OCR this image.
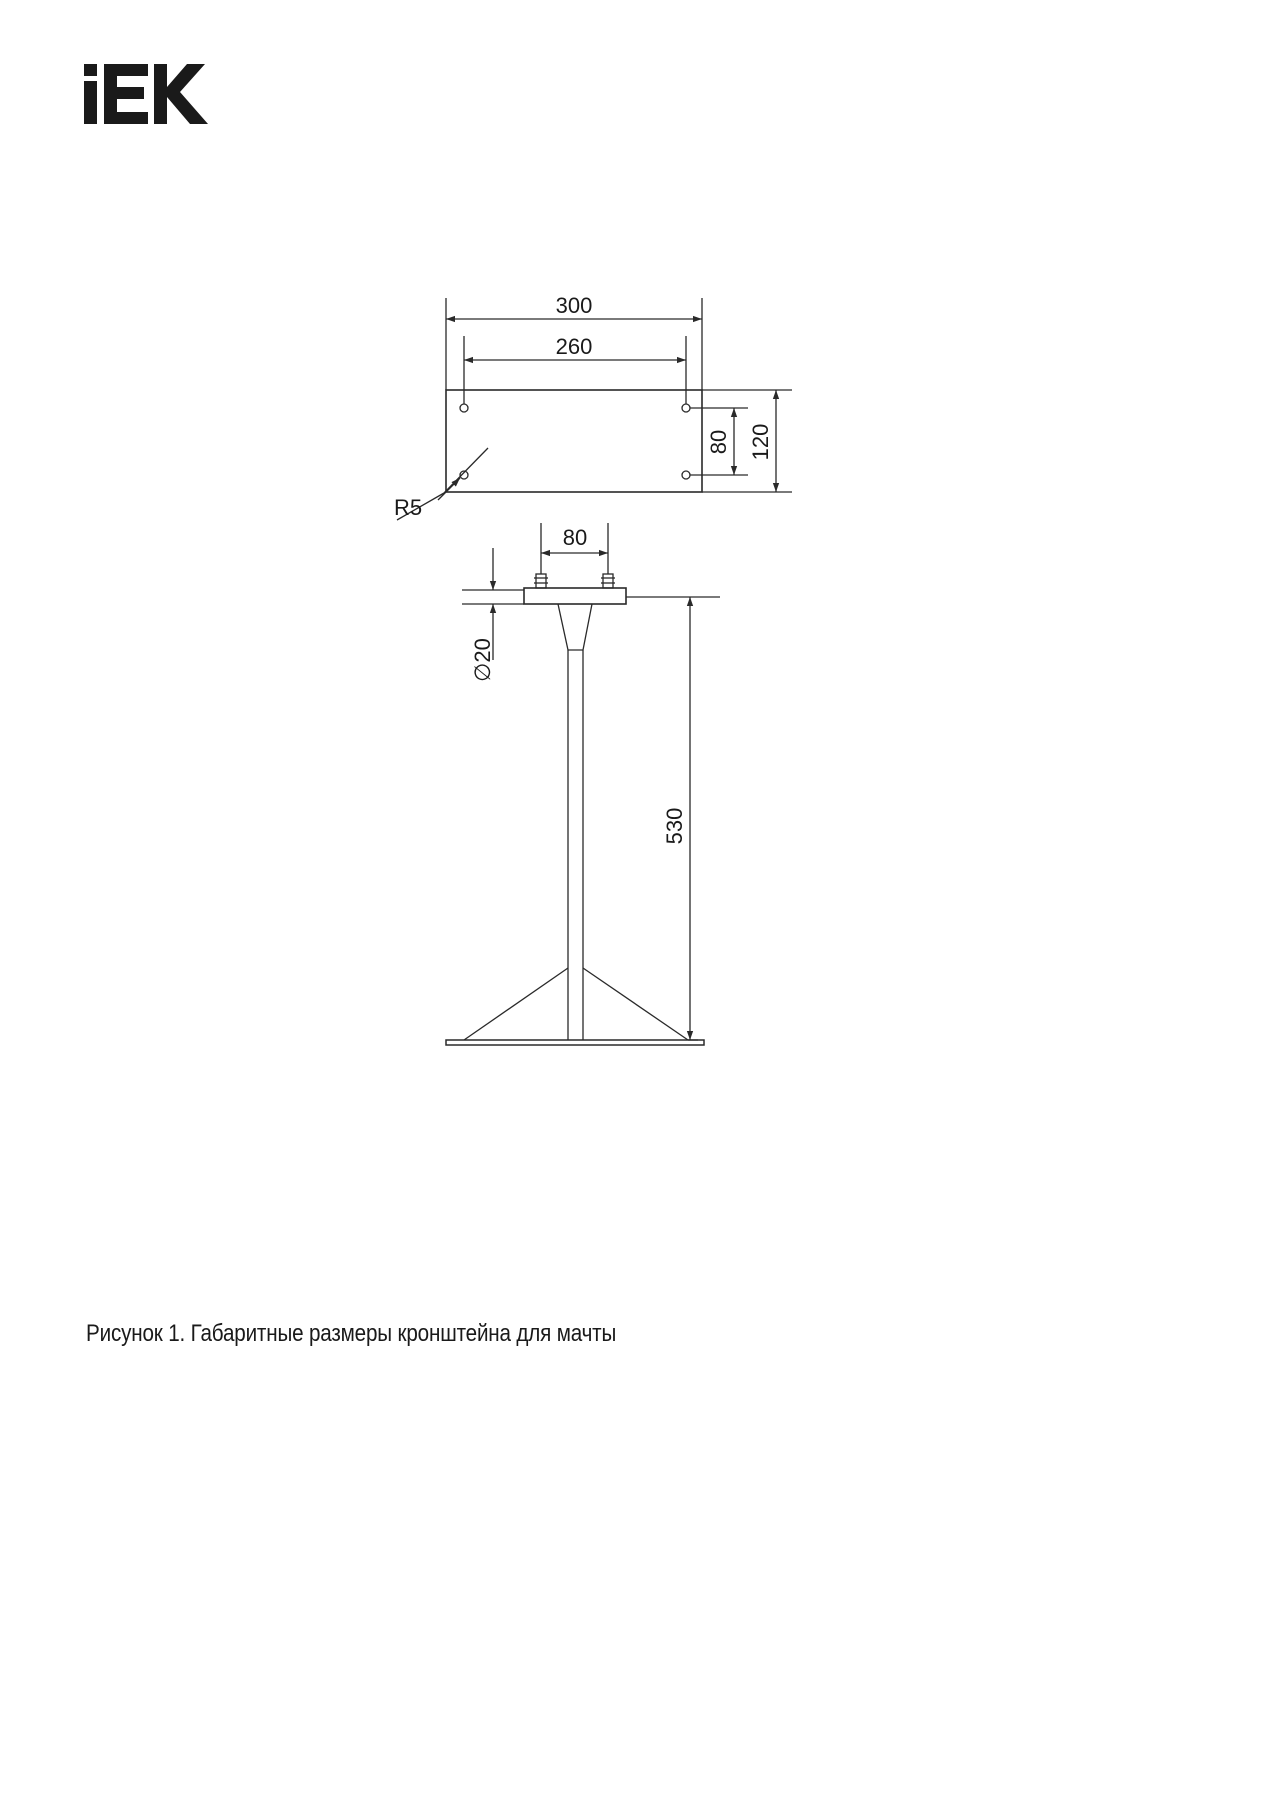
300
260
80 120
R5
80
∅20
530
Рисунок 1. Габаритные размеры кронштейна для мачты
